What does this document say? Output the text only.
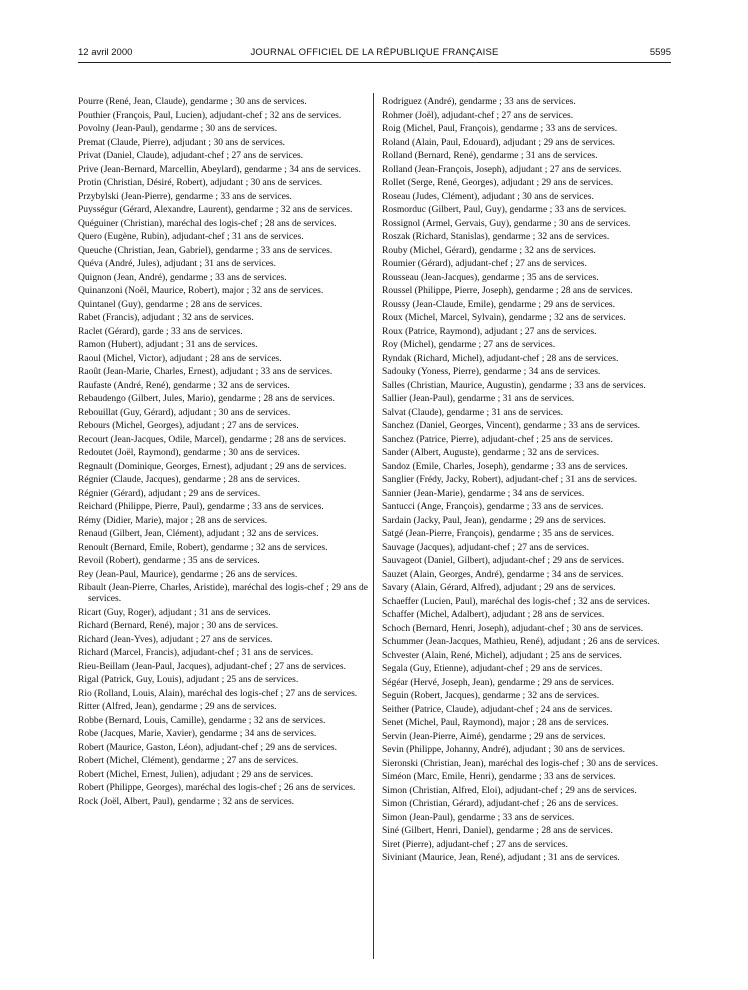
12 avril 2000	JOURNAL OFFICIEL DE LA RÉPUBLIQUE FRANÇAISE	5595
Pourre (René, Jean, Claude), gendarme ; 30 ans de services.
Pouthier (François, Paul, Lucien), adjudant-chef ; 32 ans de services.
Povolny (Jean-Paul), gendarme ; 30 ans de services.
Premat (Claude, Pierre), adjudant ; 30 ans de services.
Privat (Daniel, Claude), adjudant-chef ; 27 ans de services.
Prive (Jean-Bernard, Marcellin, Abeylard), gendarme ; 34 ans de services.
Protin (Christian, Désiré, Robert), adjudant ; 30 ans de services.
Przybylski (Jean-Pierre), gendarme ; 33 ans de services.
Puysségur (Gérard, Alexandre, Laurent), gendarme ; 32 ans de services.
Quéguiner (Christian), maréchal des logis-chef ; 28 ans de services.
Quero (Eugène, Rubin), adjudant-chef ; 31 ans de services.
Queuche (Christian, Jean, Gabriel), gendarme ; 33 ans de services.
Quéva (André, Jules), adjudant ; 31 ans de services.
Quignon (Jean, André), gendarme ; 33 ans de services.
Quinanzoni (Noël, Maurice, Robert), major ; 32 ans de services.
Quintanel (Guy), gendarme ; 28 ans de services.
Rabet (Francis), adjudant ; 32 ans de services.
Raclet (Gérard), garde ; 33 ans de services.
Ramon (Hubert), adjudant ; 31 ans de services.
Raoul (Michel, Victor), adjudant ; 28 ans de services.
Raoût (Jean-Marie, Charles, Ernest), adjudant ; 33 ans de services.
Raufaste (André, René), gendarme ; 32 ans de services.
Rebaudengo (Gilbert, Jules, Mario), gendarme ; 28 ans de services.
Rebouillat (Guy, Gérard), adjudant ; 30 ans de services.
Rebours (Michel, Georges), adjudant ; 27 ans de services.
Recourt (Jean-Jacques, Odile, Marcel), gendarme ; 28 ans de services.
Redoutet (Joël, Raymond), gendarme ; 30 ans de services.
Regnault (Dominique, Georges, Ernest), adjudant ; 29 ans de services.
Régnier (Claude, Jacques), gendarme ; 28 ans de services.
Régnier (Gérard), adjudant ; 29 ans de services.
Reichard (Philippe, Pierre, Paul), gendarme ; 33 ans de services.
Rémy (Didier, Marie), major ; 28 ans de services.
Renaud (Gilbert, Jean, Clément), adjudant ; 32 ans de services.
Renoult (Bernard, Emile, Robert), gendarme ; 32 ans de services.
Revoil (Robert), gendarme ; 35 ans de services.
Rey (Jean-Paul, Maurice), gendarme ; 26 ans de services.
Ribault (Jean-Pierre, Charles, Aristide), maréchal des logis-chef ; 29 ans de services.
Ricart (Guy, Roger), adjudant ; 31 ans de services.
Richard (Bernard, René), major ; 30 ans de services.
Richard (Jean-Yves), adjudant ; 27 ans de services.
Richard (Marcel, Francis), adjudant-chef ; 31 ans de services.
Rieu-Beillam (Jean-Paul, Jacques), adjudant-chef ; 27 ans de services.
Rigal (Patrick, Guy, Louis), adjudant ; 25 ans de services.
Rio (Rolland, Louis, Alain), maréchal des logis-chef ; 27 ans de services.
Ritter (Alfred, Jean), gendarme ; 29 ans de services.
Robbe (Bernard, Louis, Camille), gendarme ; 32 ans de services.
Robe (Jacques, Marie, Xavier), gendarme ; 34 ans de services.
Robert (Maurice, Gaston, Léon), adjudant-chef ; 29 ans de services.
Robert (Michel, Clément), gendarme ; 27 ans de services.
Robert (Michel, Ernest, Julien), adjudant ; 29 ans de services.
Robert (Philippe, Georges), maréchal des logis-chef ; 26 ans de services.
Rock (Joël, Albert, Paul), gendarme ; 32 ans de services.
Rodriguez (André), gendarme ; 33 ans de services.
Rohmer (Joël), adjudant-chef ; 27 ans de services.
Roig (Michel, Paul, François), gendarme ; 33 ans de services.
Roland (Alain, Paul, Edouard), adjudant ; 29 ans de services.
Rolland (Bernard, René), gendarme ; 31 ans de services.
Rolland (Jean-François, Joseph), adjudant ; 27 ans de services.
Rollet (Serge, René, Georges), adjudant ; 29 ans de services.
Roseau (Judes, Clément), adjudant ; 30 ans de services.
Rosmorduc (Gilbert, Paul, Guy), gendarme ; 33 ans de services.
Rossignol (Armel, Gervais, Guy), gendarme ; 30 ans de services.
Roszak (Richard, Stanislas), gendarme ; 32 ans de services.
Rouby (Michel, Gérard), gendarme ; 32 ans de services.
Roumier (Gérard), adjudant-chef ; 27 ans de services.
Rousseau (Jean-Jacques), gendarme ; 35 ans de services.
Roussel (Philippe, Pierre, Joseph), gendarme ; 28 ans de services.
Roussy (Jean-Claude, Emile), gendarme ; 29 ans de services.
Roux (Michel, Marcel, Sylvain), gendarme ; 32 ans de services.
Roux (Patrice, Raymond), adjudant ; 27 ans de services.
Roy (Michel), gendarme ; 27 ans de services.
Ryndak (Richard, Michel), adjudant-chef ; 28 ans de services.
Sadouky (Yoness, Pierre), gendarme ; 34 ans de services.
Salles (Christian, Maurice, Augustin), gendarme ; 33 ans de services.
Sallier (Jean-Paul), gendarme ; 31 ans de services.
Salvat (Claude), gendarme ; 31 ans de services.
Sanchez (Daniel, Georges, Vincent), gendarme ; 33 ans de services.
Sanchez (Patrice, Pierre), adjudant-chef ; 25 ans de services.
Sander (Albert, Auguste), gendarme ; 32 ans de services.
Sandoz (Emile, Charles, Joseph), gendarme ; 33 ans de services.
Sanglier (Frédy, Jacky, Robert), adjudant-chef ; 31 ans de services.
Sannier (Jean-Marie), gendarme ; 34 ans de services.
Santucci (Ange, François), gendarme ; 33 ans de services.
Sardain (Jacky, Paul, Jean), gendarme ; 29 ans de services.
Satgé (Jean-Pierre, François), gendarme ; 35 ans de services.
Sauvage (Jacques), adjudant-chef ; 27 ans de services.
Sauvageot (Daniel, Gilbert), adjudant-chef ; 29 ans de services.
Sauzet (Alain, Georges, André), gendarme ; 34 ans de services.
Savary (Alain, Gérard, Alfred), adjudant ; 29 ans de services.
Schaeffer (Lucien, Paul), maréchal des logis-chef ; 32 ans de services.
Schaffer (Michel, Adalbert), adjudant ; 28 ans de services.
Schoch (Bernard, Henri, Joseph), adjudant-chef ; 30 ans de services.
Schummer (Jean-Jacques, Mathieu, René), adjudant ; 26 ans de services.
Schvester (Alain, René, Michel), adjudant ; 25 ans de services.
Segala (Guy, Etienne), adjudant-chef ; 29 ans de services.
Ségéar (Hervé, Joseph, Jean), gendarme ; 29 ans de services.
Seguin (Robert, Jacques), gendarme ; 32 ans de services.
Seither (Patrice, Claude), adjudant-chef ; 24 ans de services.
Senet (Michel, Paul, Raymond), major ; 28 ans de services.
Servin (Jean-Pierre, Aimé), gendarme ; 29 ans de services.
Sevin (Philippe, Johanny, André), adjudant ; 30 ans de services.
Sieronski (Christian, Jean), maréchal des logis-chef ; 30 ans de services.
Siméon (Marc, Emile, Henri), gendarme ; 33 ans de services.
Simon (Christian, Alfred, Eloi), adjudant-chef ; 29 ans de services.
Simon (Christian, Gérard), adjudant-chef ; 26 ans de services.
Simon (Jean-Paul), gendarme ; 33 ans de services.
Siné (Gilbert, Henri, Daniel), gendarme ; 28 ans de services.
Siret (Pierre), adjudant-chef ; 27 ans de services.
Siviniant (Maurice, Jean, René), adjudant ; 31 ans de services.
